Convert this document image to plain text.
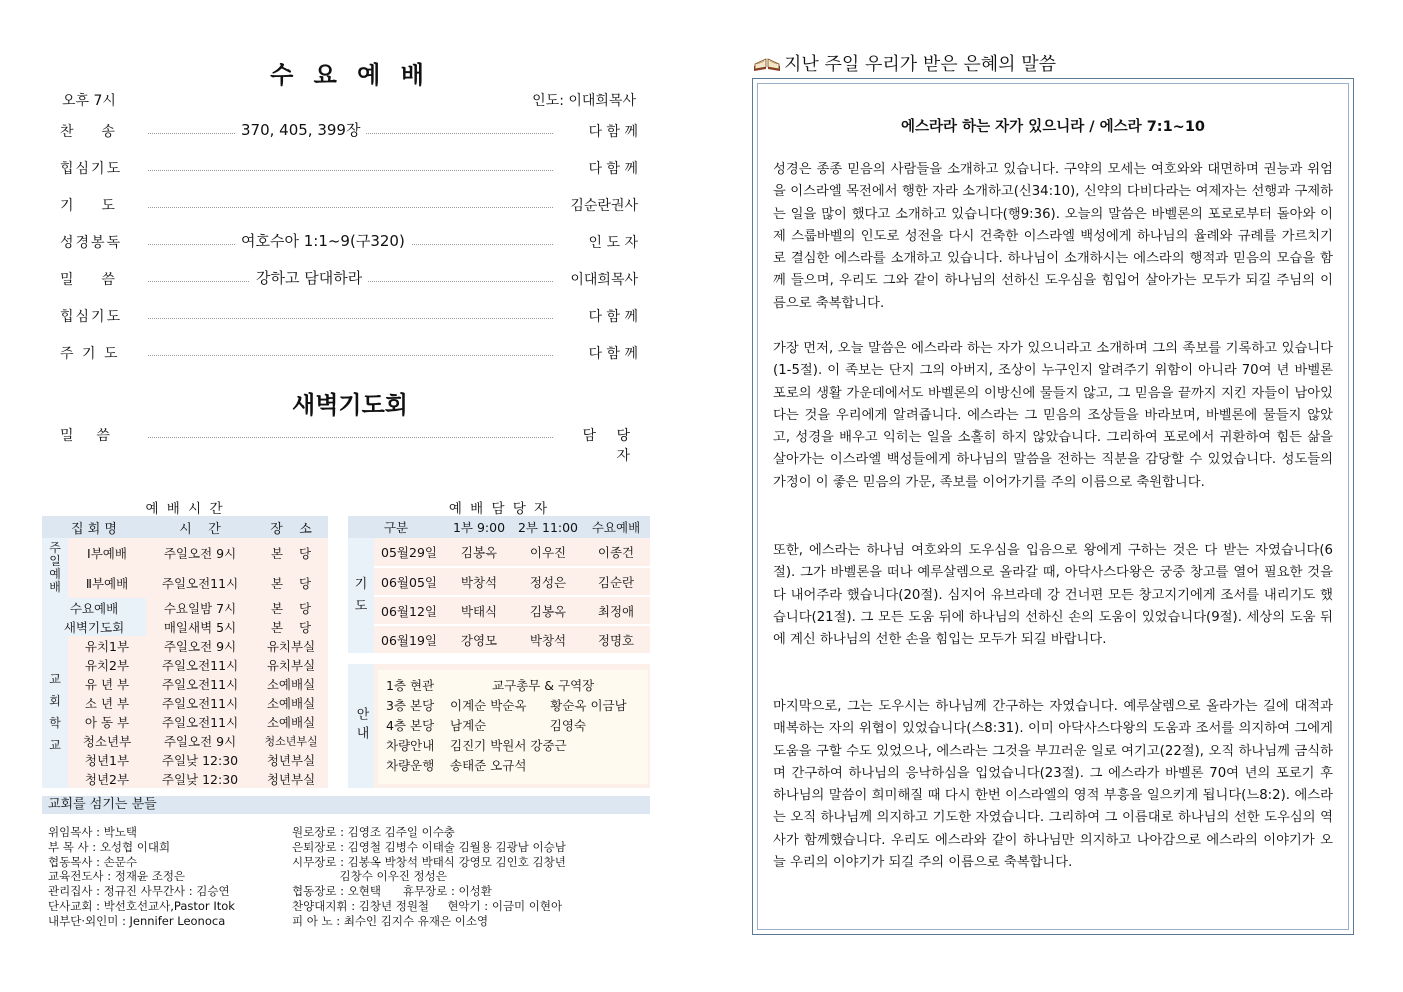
수 요 예 배
오후 7시	인도: 이대희목사
찬    송	370, 405, 399장	다 함 께
힙심기도	다 함 께
기    도	김순란권사
성경봉독	여호수아 1:1~9(구320)	인 도 자
밀    씀	강하고 담대하라	이대희목사
힙심기도	다 함 께
주 기 도	다 함 께
새벽기도회
밀    씀	담 당 자
예 배 시 간
집 회 명		시    간	장    소
주일예배	Ⅰ부예배	주일오전 9시	본    당
	Ⅱ부예배	주일오전11시	본    당
수요예배		수요일밤 7시	본    당
새벽기도회		매일새벽 5시	본    당
교회학교	유치1부	주일오전 9시	유치부실
	유치2부	주일오전11시	유치부실
	유 년 부	주일오전11시	소예배실
	소 년 부	주일오전11시	소예배실
	아 동 부	주일오전11시	소예배실
	청소년부	주일오전 9시	청소년부실
	청년1부	주일낮 12:30	청년부실
	청년2부	주일낮 12:30	청년부실
예 배 담 당 자
구분		1부 9:00	2부 11:00	수요예배
기도	05월29일	김봉옥	이우진	이종건
	06월05일	박창석	정성은	김순란
	06월12일	박태식	김봉옥	최정애
	06월19일	강영모	박창석	정명호
안내
1층 현관	교구총무 & 구역장
3층 본당 이계순 박순옥      황순옥 이금남
4층 본당 남계순                김영숙
차량안내 김진기 박원서 강중근
차량운행 송태준 오규석
교회를 섬기는 분들
위임목사 : 박노택
부 목 사 : 오성협 이대희
협동목사 : 손문수
교육전도사 : 정재윤 조정은
관리집사 : 정규진 사무간사 : 김승연
단사교회 : 박선호선교사,Pastor Itok
내부단·외인미 : Jennifer Leonoca
원로장로 : 김영조 김주일 이수충
은퇴장로 : 김영철 김병수 이태술 김월용 김광남 이승남
시무장로 : 김봉옥 박창석 박태식 강영모 김인호 김창년
김창수 이우진 정성은
협동장로 : 오현택      휴무장로 : 이성환
찬양대지휘 : 김창년 정원철     현악기 : 이금미 이현아
피 아 노 : 최수인 김지수 유재은 이소영
지난 주일 우리가 받은 은혜의 말씀
에스라라 하는 자가 있으니라 / 에스라 7:1~10
성경은 종종 믿음의 사람들을 소개하고 있습니다. 구약의 모세는 여호와와 대면하며 권능과 위엄을 이스라엘 목전에서 행한 자라 소개하고(신34:10), 신약의 다비다라는 여제자는 선행과 구제하는 일을 많이 했다고 소개하고 있습니다(행9:36). 오늘의 말씀은 바벨론의 포로로부터 돌아와 이제 스룹바벨의 인도로 성전을 다시 건축한 이스라엘 백성에게 하나님의 율례와 규례를 가르치기로 결심한 에스라를 소개하고 있습니다. 하나님이 소개하시는 에스라의 행적과 믿음의 모습을 함께 들으며, 우리도 그와 같이 하나님의 선하신 도우심을 힘입어 살아가는 모두가 되길 주님의 이름으로 축복합니다.
가장 먼저, 오늘 말씀은 에스라라 하는 자가 있으니라고 소개하며 그의 족보를 기록하고 있습니다(1-5절). 이 족보는 단지 그의 아버지, 조상이 누구인지 알려주기 위함이 아니라 70여 년 바벨론 포로의 생활 가운데에서도 바벨론의 이방신에 물들지 않고, 그 믿음을 끝까지 지킨 자들이 남아있다는 것을 우리에게 알려줍니다. 에스라는 그 믿음의 조상들을 바라보며, 바벨론에 물들지 않았고, 성경을 배우고 익히는 일을 소홀히 하지 않았습니다. 그리하여 포로에서 귀환하여 힘든 삶을 살아가는 이스라엘 백성들에게 하나님의 말씀을 전하는 직분을 감당할 수 있었습니다. 성도들의 가정이 이 좋은 믿음의 가문, 족보를 이어가기를 주의 이름으로 축원합니다.
또한, 에스라는 하나님 여호와의 도우심을 입음으로 왕에게 구하는 것은 다 받는 자였습니다(6절). 그가 바벨론을 떠나 예루살렘으로 올라갈 때, 아닥사스다왕은 궁중 창고를 열어 필요한 것을 다 내어주라 했습니다(20절). 심지어 유브라데 강 건너편 모든 창고지기에게 조서를 내리기도 했습니다(21절). 그 모든 도움 뒤에 하나님의 선하신 손의 도움이 있었습니다(9절). 세상의 도움 뒤에 계신 하나님의 선한 손을 힘입는 모두가 되길 바랍니다.
마지막으로, 그는 도우시는 하나님께 간구하는 자였습니다. 예루살렘으로 올라가는 길에 대적과 매복하는 자의 위협이 있었습니다(스8:31). 이미 아닥사스다왕의 도움과 조서를 의지하여 그에게 도움을 구할 수도 있었으나, 에스라는 그것을 부끄러운 일로 여기고(22절), 오직 하나님께 금식하며 간구하여 하나님의 응낙하심을 입었습니다(23절). 그 에스라가 바벨론 70여 년의 포로기 후 하나님의 말씀이 희미해질 때 다시 한번 이스라엘의 영적 부흥을 일으키게 됩니다(느8:2). 에스라는 오직 하나님께 의지하고 기도한 자였습니다. 그리하여 그 이름대로 하나님의 선한 도우심의 역사가 함께했습니다. 우리도 에스라와 같이 하나님만 의지하고 나아감으로 에스라의 이야기가 오늘 우리의 이야기가 되길 주의 이름으로 축복합니다.
